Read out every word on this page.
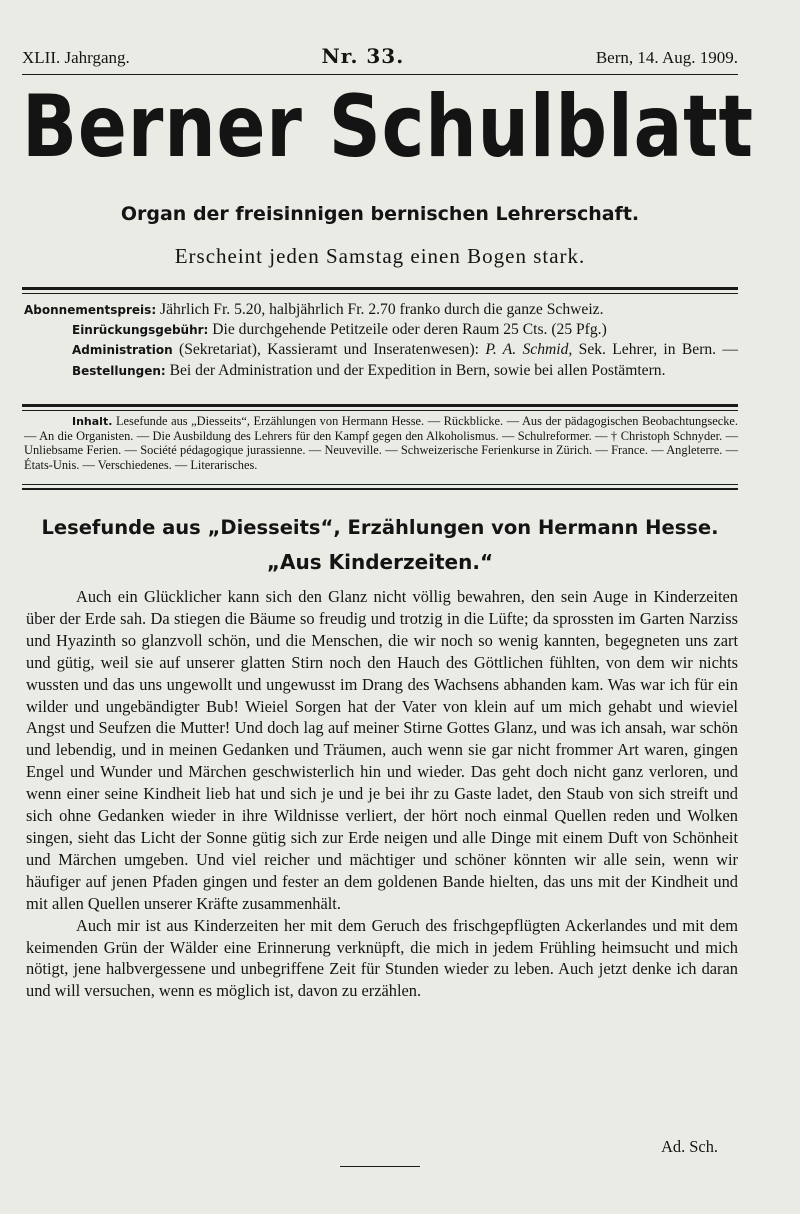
XLII. Jahrgang.	Nr. 33.	Bern, 14. Aug. 1909.
Berner Schulblatt
Organ der freisinnigen bernischen Lehrerschaft.
Erscheint jeden Samstag einen Bogen stark.

Abonnementspreis: Jährlich Fr. 5.20, halbjährlich Fr. 2.70 franko durch die ganze Schweiz.

Einrückungsgebühr: Die durchgehende Petitzeile oder deren Raum 25 Cts. (25 Pfg.)

Administration (Sekretariat), Kassieramt und Inseratenwesen): P. A. Schmid, Sek. Lehrer, in Bern. — Bestellungen: Bei der Administration und der Expedition in Bern, sowie bei allen Postämtern.

Inhalt. Lesefunde aus „Diesseits“, Erzählungen von Hermann Hesse. — Rückblicke. — Aus der pädagogischen Beobachtungsecke. — An die Organisten. — Die Ausbildung des Lehrers für den Kampf gegen den Alkoholismus. — Schulreformer. — † Christoph Schnyder. — Unliebsame Ferien. — Société pédagogique jurassienne. — Neuveville. — Schweizerische Ferienkurse in Zürich. — France. — Angleterre. — États-Unis. — Verschiedenes. — Literarisches.
Lesefunde aus „Diesseits“, Erzählungen von Hermann Hesse.
„Aus Kinderzeiten.“

Auch ein Glücklicher kann sich den Glanz nicht völlig bewahren, den sein Auge in Kinderzeiten über der Erde sah. Da stiegen die Bäume so freudig und trotzig in die Lüfte; da sprossten im Garten Narziss und Hyazinth so glanzvoll schön, und die Menschen, die wir noch so wenig kannten, begegneten uns zart und gütig, weil sie auf unserer glatten Stirn noch den Hauch des Göttlichen fühlten, von dem wir nichts wussten und das uns ungewollt und ungewusst im Drang des Wachsens abhanden kam. Was war ich für ein wilder und ungebändigter Bub! Wieiel Sorgen hat der Vater von klein auf um mich gehabt und wieviel Angst und Seufzen die Mutter! Und doch lag auf meiner Stirne Gottes Glanz, und was ich ansah, war schön und lebendig, und in meinen Gedanken und Träumen, auch wenn sie gar nicht frommer Art waren, gingen Engel und Wunder und Märchen geschwisterlich hin und wieder. Das geht doch nicht ganz verloren, und wenn einer seine Kindheit lieb hat und sich je und je bei ihr zu Gaste ladet, den Staub von sich streift und sich ohne Gedanken wieder in ihre Wildnisse verliert, der hört noch einmal Quellen reden und Wolken singen, sieht das Licht der Sonne gütig sich zur Erde neigen und alle Dinge mit einem Duft von Schönheit und Märchen umgeben. Und viel reicher und mächtiger und schöner könnten wir alle sein, wenn wir häufiger auf jenen Pfaden gingen und fester an dem goldenen Bande hielten, das uns mit der Kindheit und mit allen Quellen unserer Kräfte zusammenhält.

Auch mir ist aus Kinderzeiten her mit dem Geruch des frischgepflügten Ackerlandes und mit dem keimenden Grün der Wälder eine Erinnerung verknüpft, die mich in jedem Frühling heimsucht und mich nötigt, jene halbvergessene und unbegriffene Zeit für Stunden wieder zu leben. Auch jetzt denke ich daran und will versuchen, wenn es möglich ist, davon zu erzählen.

Ad. Sch.
